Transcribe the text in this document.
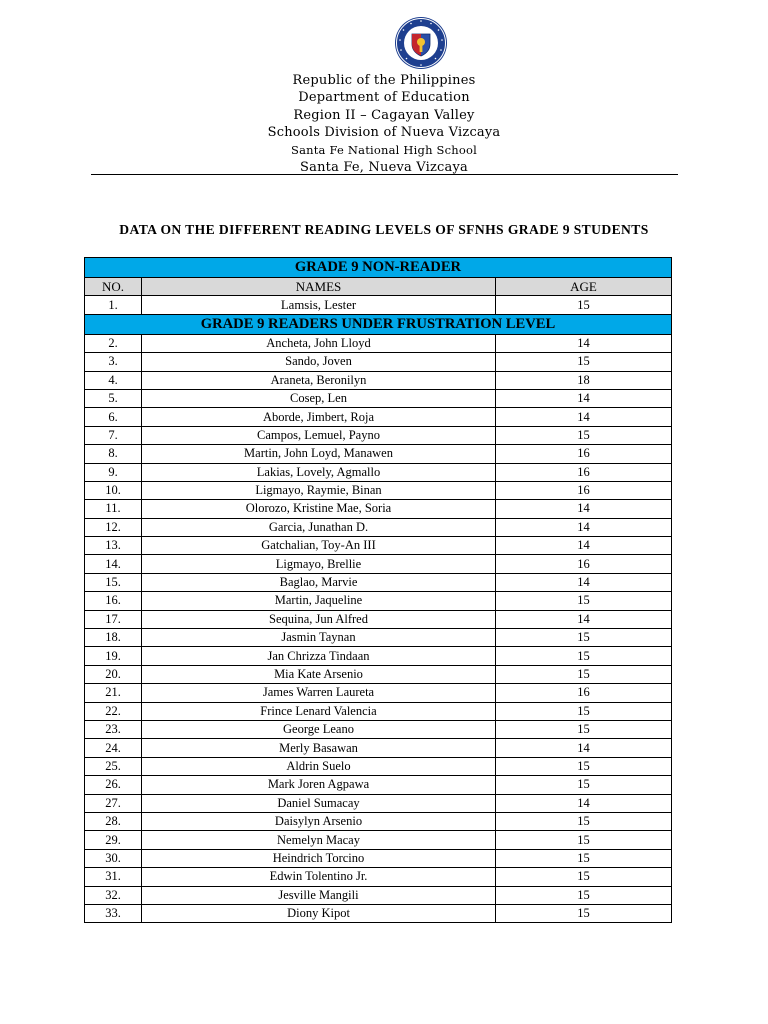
Republic of the Philippines
Department of Education
Region II – Cagayan Valley
Schools Division of Nueva Vizcaya
Santa Fe National High School
Santa Fe, Nueva Vizcaya
DATA ON THE DIFFERENT READING LEVELS OF SFNHS GRADE 9 STUDENTS
GRADE 9 NON-READER		
NO.	NAMES	AGE
1.	Lamsis, Lester	15
GRADE 9 READERS UNDER FRUSTRATION LEVEL		
2.	Ancheta, John Lloyd	14
3.	Sando, Joven	15
4.	Araneta, Beronilyn	18
5.	Cosep, Len	14
6.	Aborde, Jimbert, Roja	14
7.	Campos, Lemuel, Payno	15
8.	Martin, John Loyd, Manawen	16
9.	Lakias, Lovely, Agmallo	16
10.	Ligmayo, Raymie, Binan	16
11.	Olorozo, Kristine Mae, Soria	14
12.	Garcia, Junathan D.	14
13.	Gatchalian, Toy-An III	14
14.	Ligmayo, Brellie	16
15.	Baglao, Marvie	14
16.	Martin, Jaqueline	15
17.	Sequina, Jun Alfred	14
18.	Jasmin Taynan	15
19.	Jan Chrizza Tindaan	15
20.	Mia Kate Arsenio	15
21.	James Warren Laureta	16
22.	Frince Lenard Valencia	15
23.	George Leano	15
24.	Merly Basawan	14
25.	Aldrin Suelo	15
26.	Mark Joren Agpawa	15
27.	Daniel Sumacay	14
28.	Daisylyn Arsenio	15
29.	Nemelyn Macay	15
30.	Heindrich Torcino	15
31.	Edwin Tolentino Jr.	15
32.	Jesville Mangili	15
33.	Diony Kipot	15
